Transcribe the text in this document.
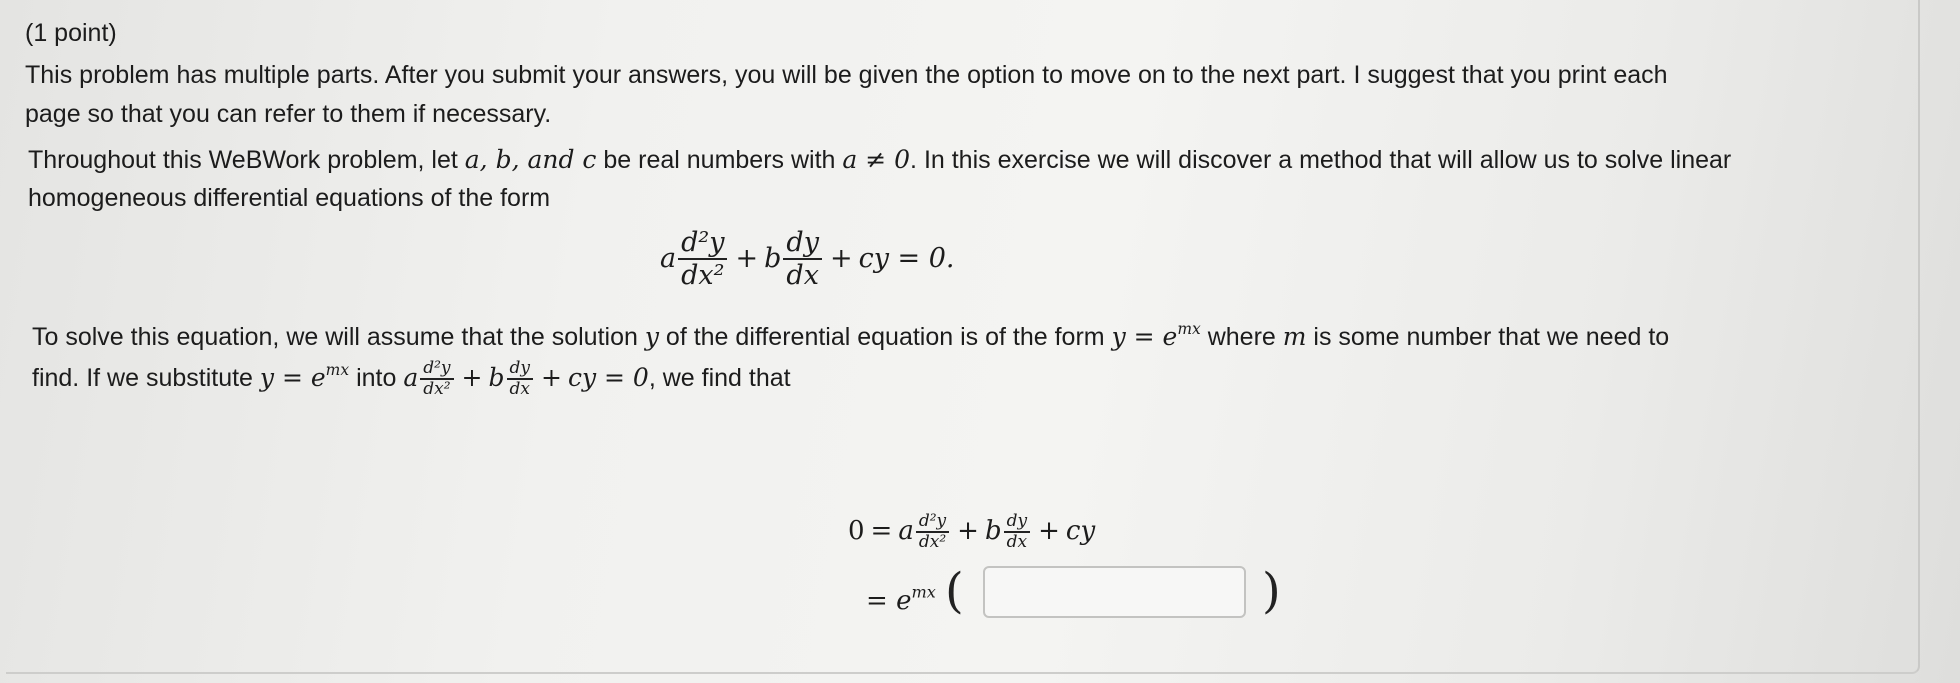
(1 point)
This problem has multiple parts. After you submit your answers, you will be given the option to move on to the next part. I suggest that you print each
page so that you can refer to them if necessary.
Throughout this WeBWork problem, let a, b, and c be real numbers with a ≠ 0. In this exercise we will discover a method that will allow us to solve linear
homogeneous differential equations of the form
a $\frac{\text{d²y}}{\text{dx²}} + b \frac{dy}{dx}$ + cy = 0.
To solve this equation, we will assume that the solution y of the differential equation is of the form $y = e^{mx}$ where m is some number that we need to
find. If we substitute $y = e^{mx}$ into a $\frac{\text{d²y}}{\text{dx²}} + b \frac{dy}{dx}$ + cy = 0, we find that
0 = a $\frac{\text{d²y}}{\text{dx²}} + b \frac{dy}{dx}$ + cy
= $e^{mx}$ (	)
